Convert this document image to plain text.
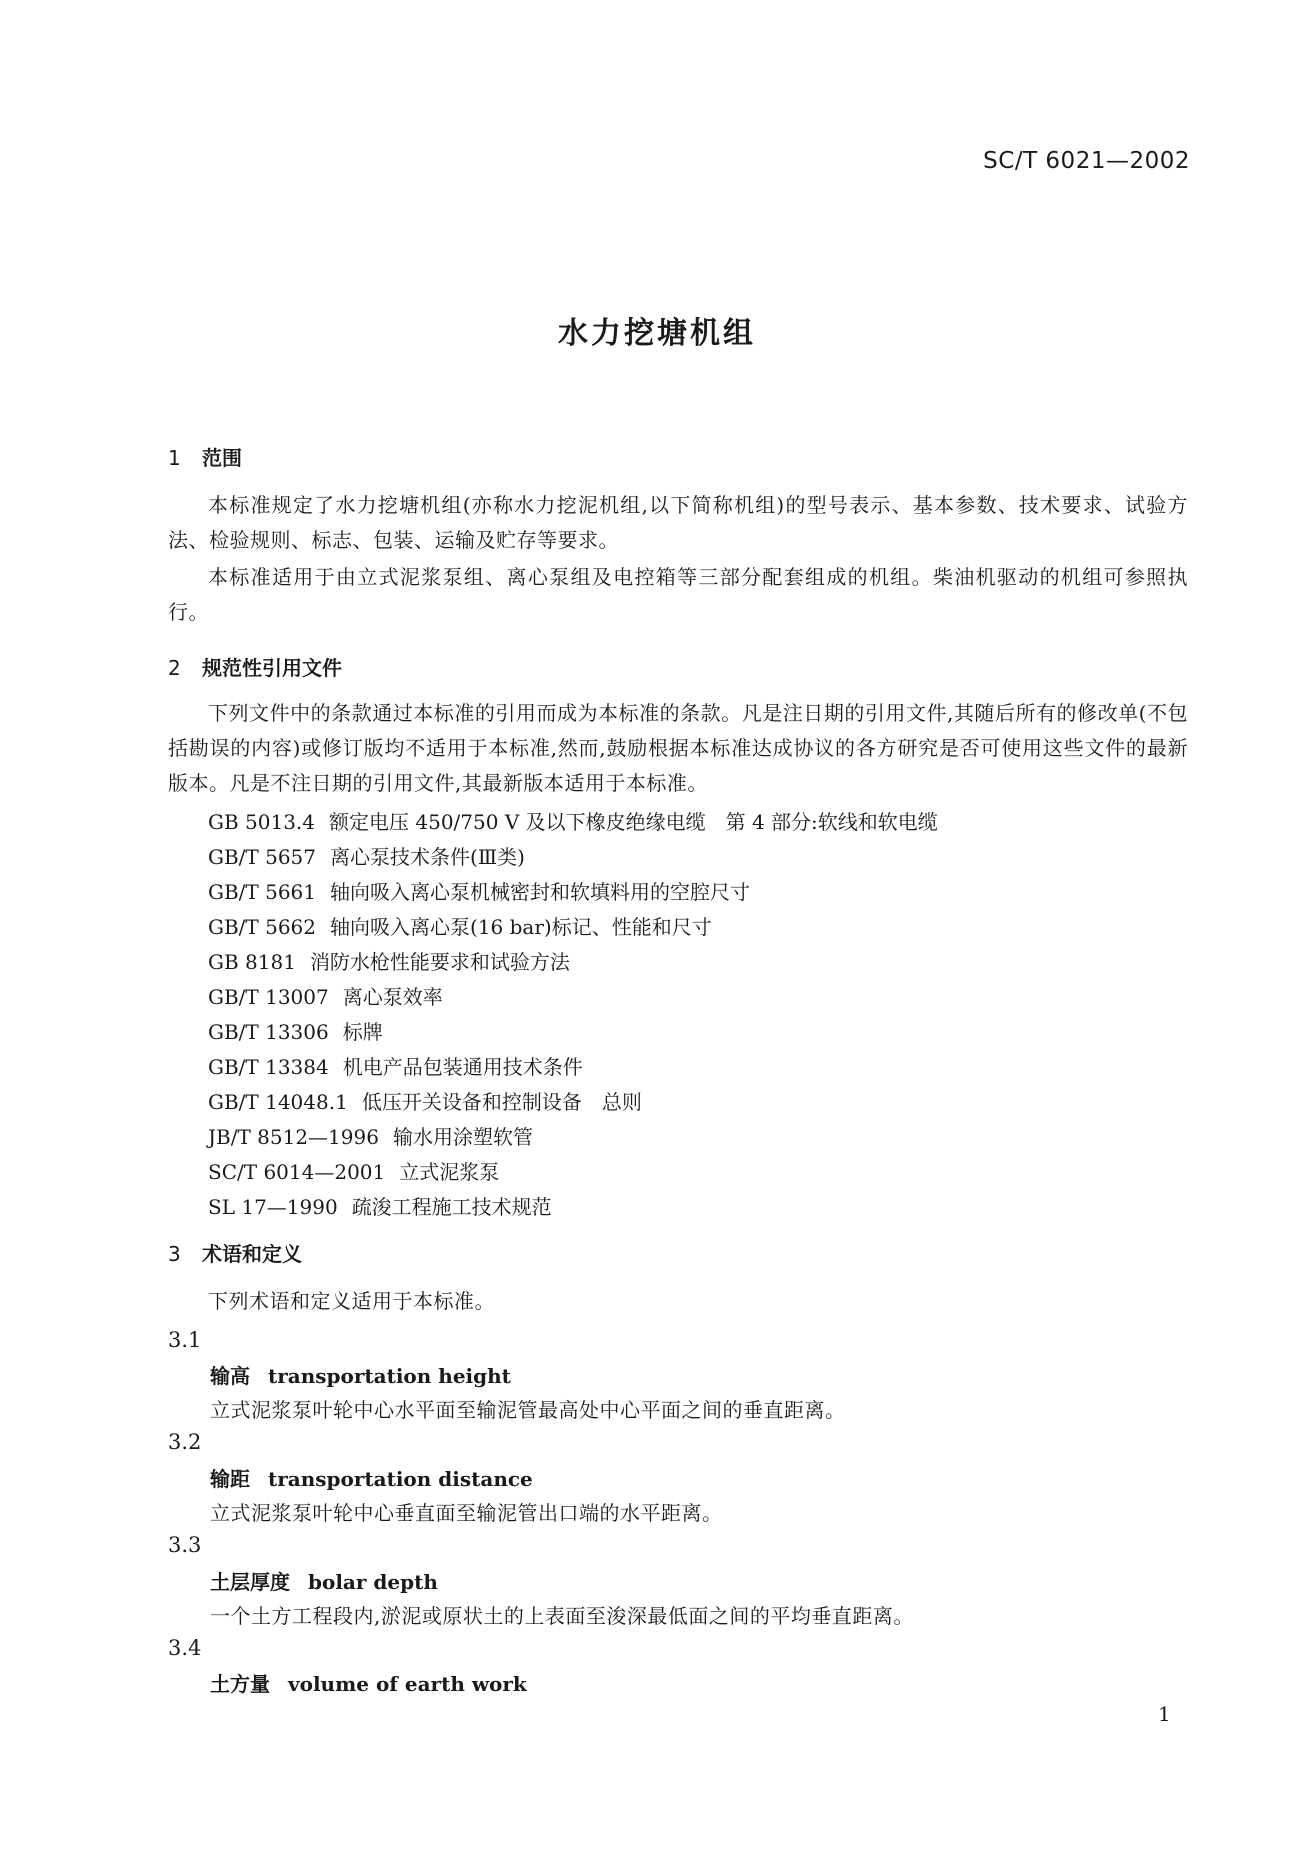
SC/T 6021—2002
水力挖塘机组
1 范围
本标准规定了水力挖塘机组(亦称水力挖泥机组,以下简称机组)的型号表示、基本参数、技术要求、试验方法、检验规则、标志、包装、运输及贮存等要求。
本标准适用于由立式泥浆泵组、离心泵组及电控箱等三部分配套组成的机组。柴油机驱动的机组可参照执行。
2 规范性引用文件
下列文件中的条款通过本标准的引用而成为本标准的条款。凡是注日期的引用文件,其随后所有的修改单(不包括勘误的内容)或修订版均不适用于本标准,然而,鼓励根据本标准达成协议的各方研究是否可使用这些文件的最新版本。凡是不注日期的引用文件,其最新版本适用于本标准。
GB 5013.4 额定电压 450/750 V 及以下橡皮绝缘电缆　第 4 部分:软线和软电缆
GB/T 5657 离心泵技术条件(Ⅲ类)
GB/T 5661 轴向吸入离心泵机械密封和软填料用的空腔尺寸
GB/T 5662 轴向吸入离心泵(16 bar)标记、性能和尺寸
GB 8181 消防水枪性能要求和试验方法
GB/T 13007 离心泵效率
GB/T 13306 标牌
GB/T 13384 机电产品包装通用技术条件
GB/T 14048.1 低压开关设备和控制设备　总则
JB/T 8512—1996 输水用涂塑软管
SC/T 6014—2001 立式泥浆泵
SL 17—1990 疏浚工程施工技术规范
3 术语和定义
下列术语和定义适用于本标准。
3.1
输高 transportation height
立式泥浆泵叶轮中心水平面至输泥管最高处中心平面之间的垂直距离。
3.2
输距 transportation distance
立式泥浆泵叶轮中心垂直面至输泥管出口端的水平距离。
3.3
土层厚度 bolar depth
一个土方工程段内,淤泥或原状土的上表面至浚深最低面之间的平均垂直距离。
3.4
土方量 volume of earth work
1
